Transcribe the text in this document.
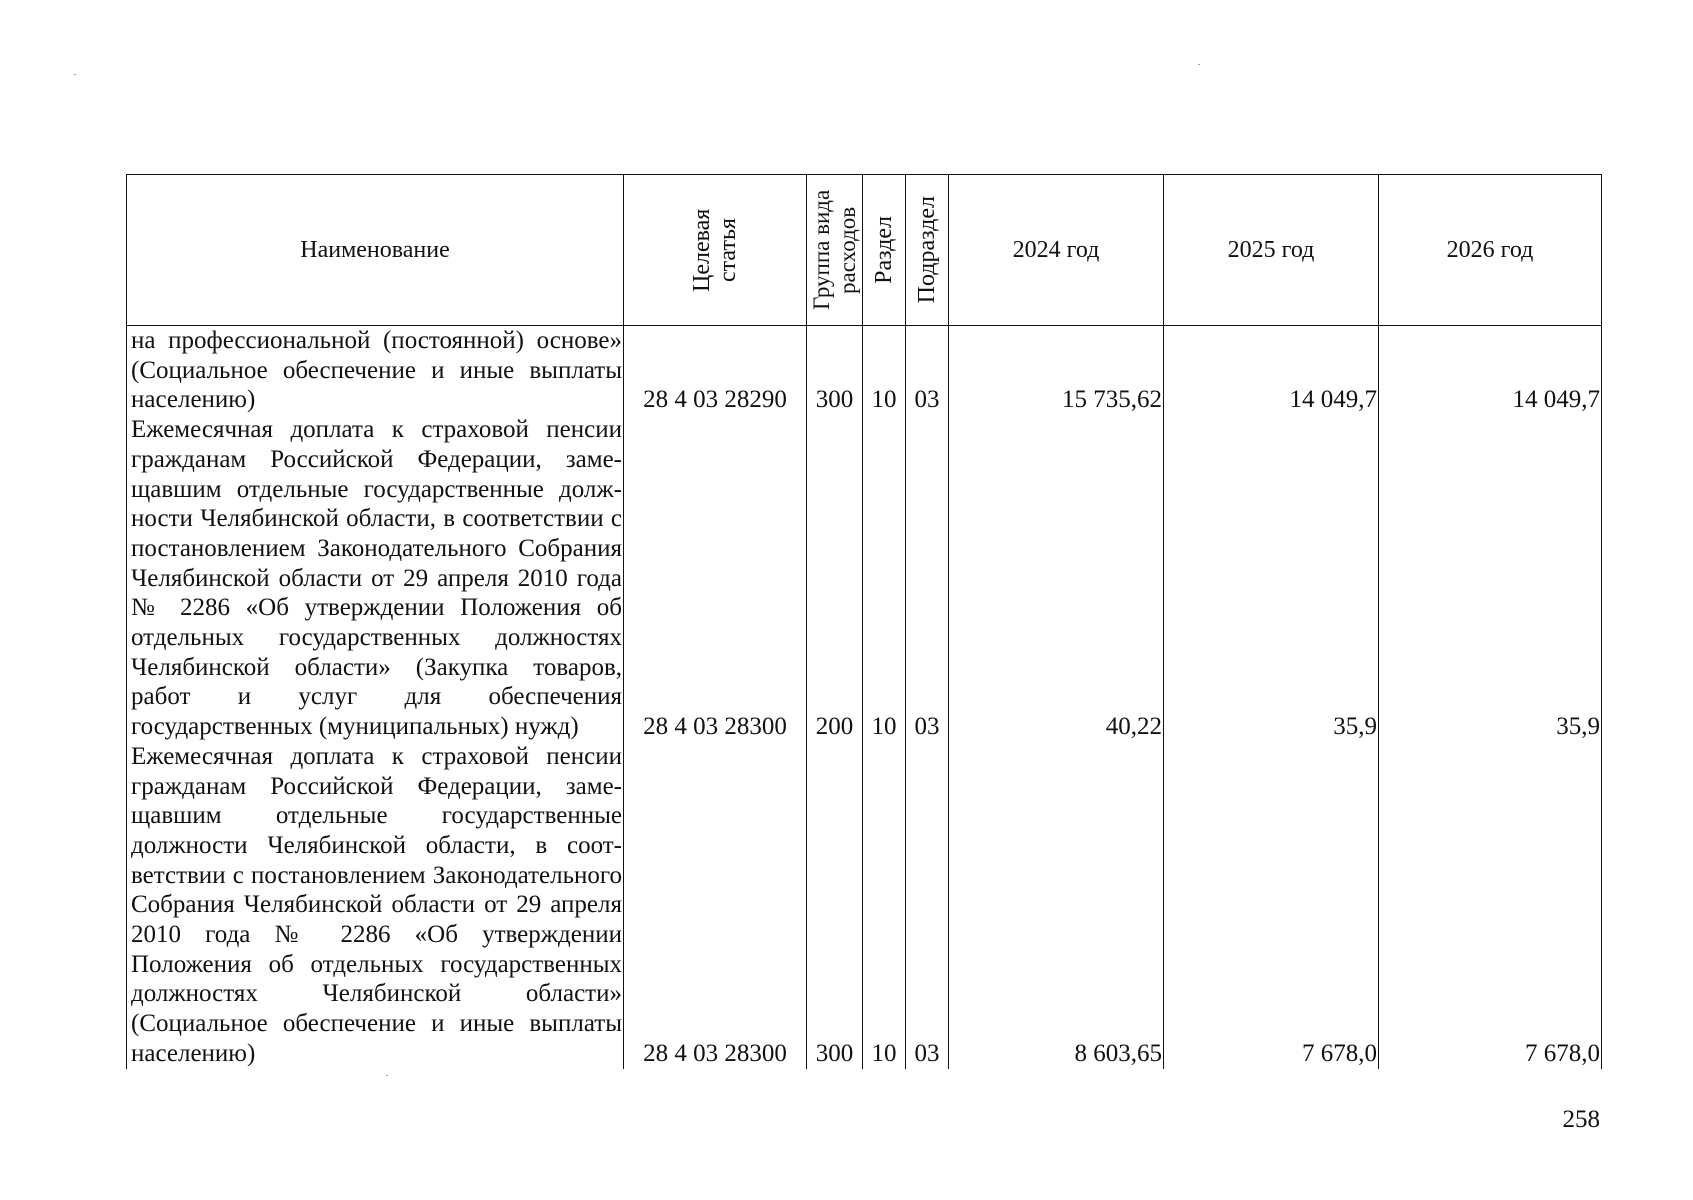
Наименование	Целевая статья	Группа вида расходов	Раздел	Подраздел	2024 год	2025 год	2026 год
на профессиональной (постоянной) основе» (Социальное обеспечение и иные выплаты населению)	28 4 03 28290	300	10	03	15 735,62	14 049,7	14 049,7
Ежемесячная доплата к страховой пенсии гражданам Российской Федерации, замещавшим отдельные государственные должности Челябинской области, в соответствии с постановлением Законодательного Собрания Челябинской области от 29 апреля 2010 года № 2286 «Об утверждении Положения об отдельных государственных должностях Челябинской области» (Закупка товаров, работ и услуг для обеспечения государственных (муниципальных) нужд)	28 4 03 28300	200	10	03	40,22	35,9	35,9
Ежемесячная доплата к страховой пенсии гражданам Российской Федерации, замещавшим отдельные государственные должности Челябинской области, в соответствии с постановлением Законодательного Собрания Челябинской области от 29 апреля 2010 года № 2286 «Об утверждении Положения об отдельных государственных должностях Челябинской области» (Социальное обеспечение и иные выплаты населению)	28 4 03 28300	300	10	03	8 603,65	7 678,0	7 678,0
258
